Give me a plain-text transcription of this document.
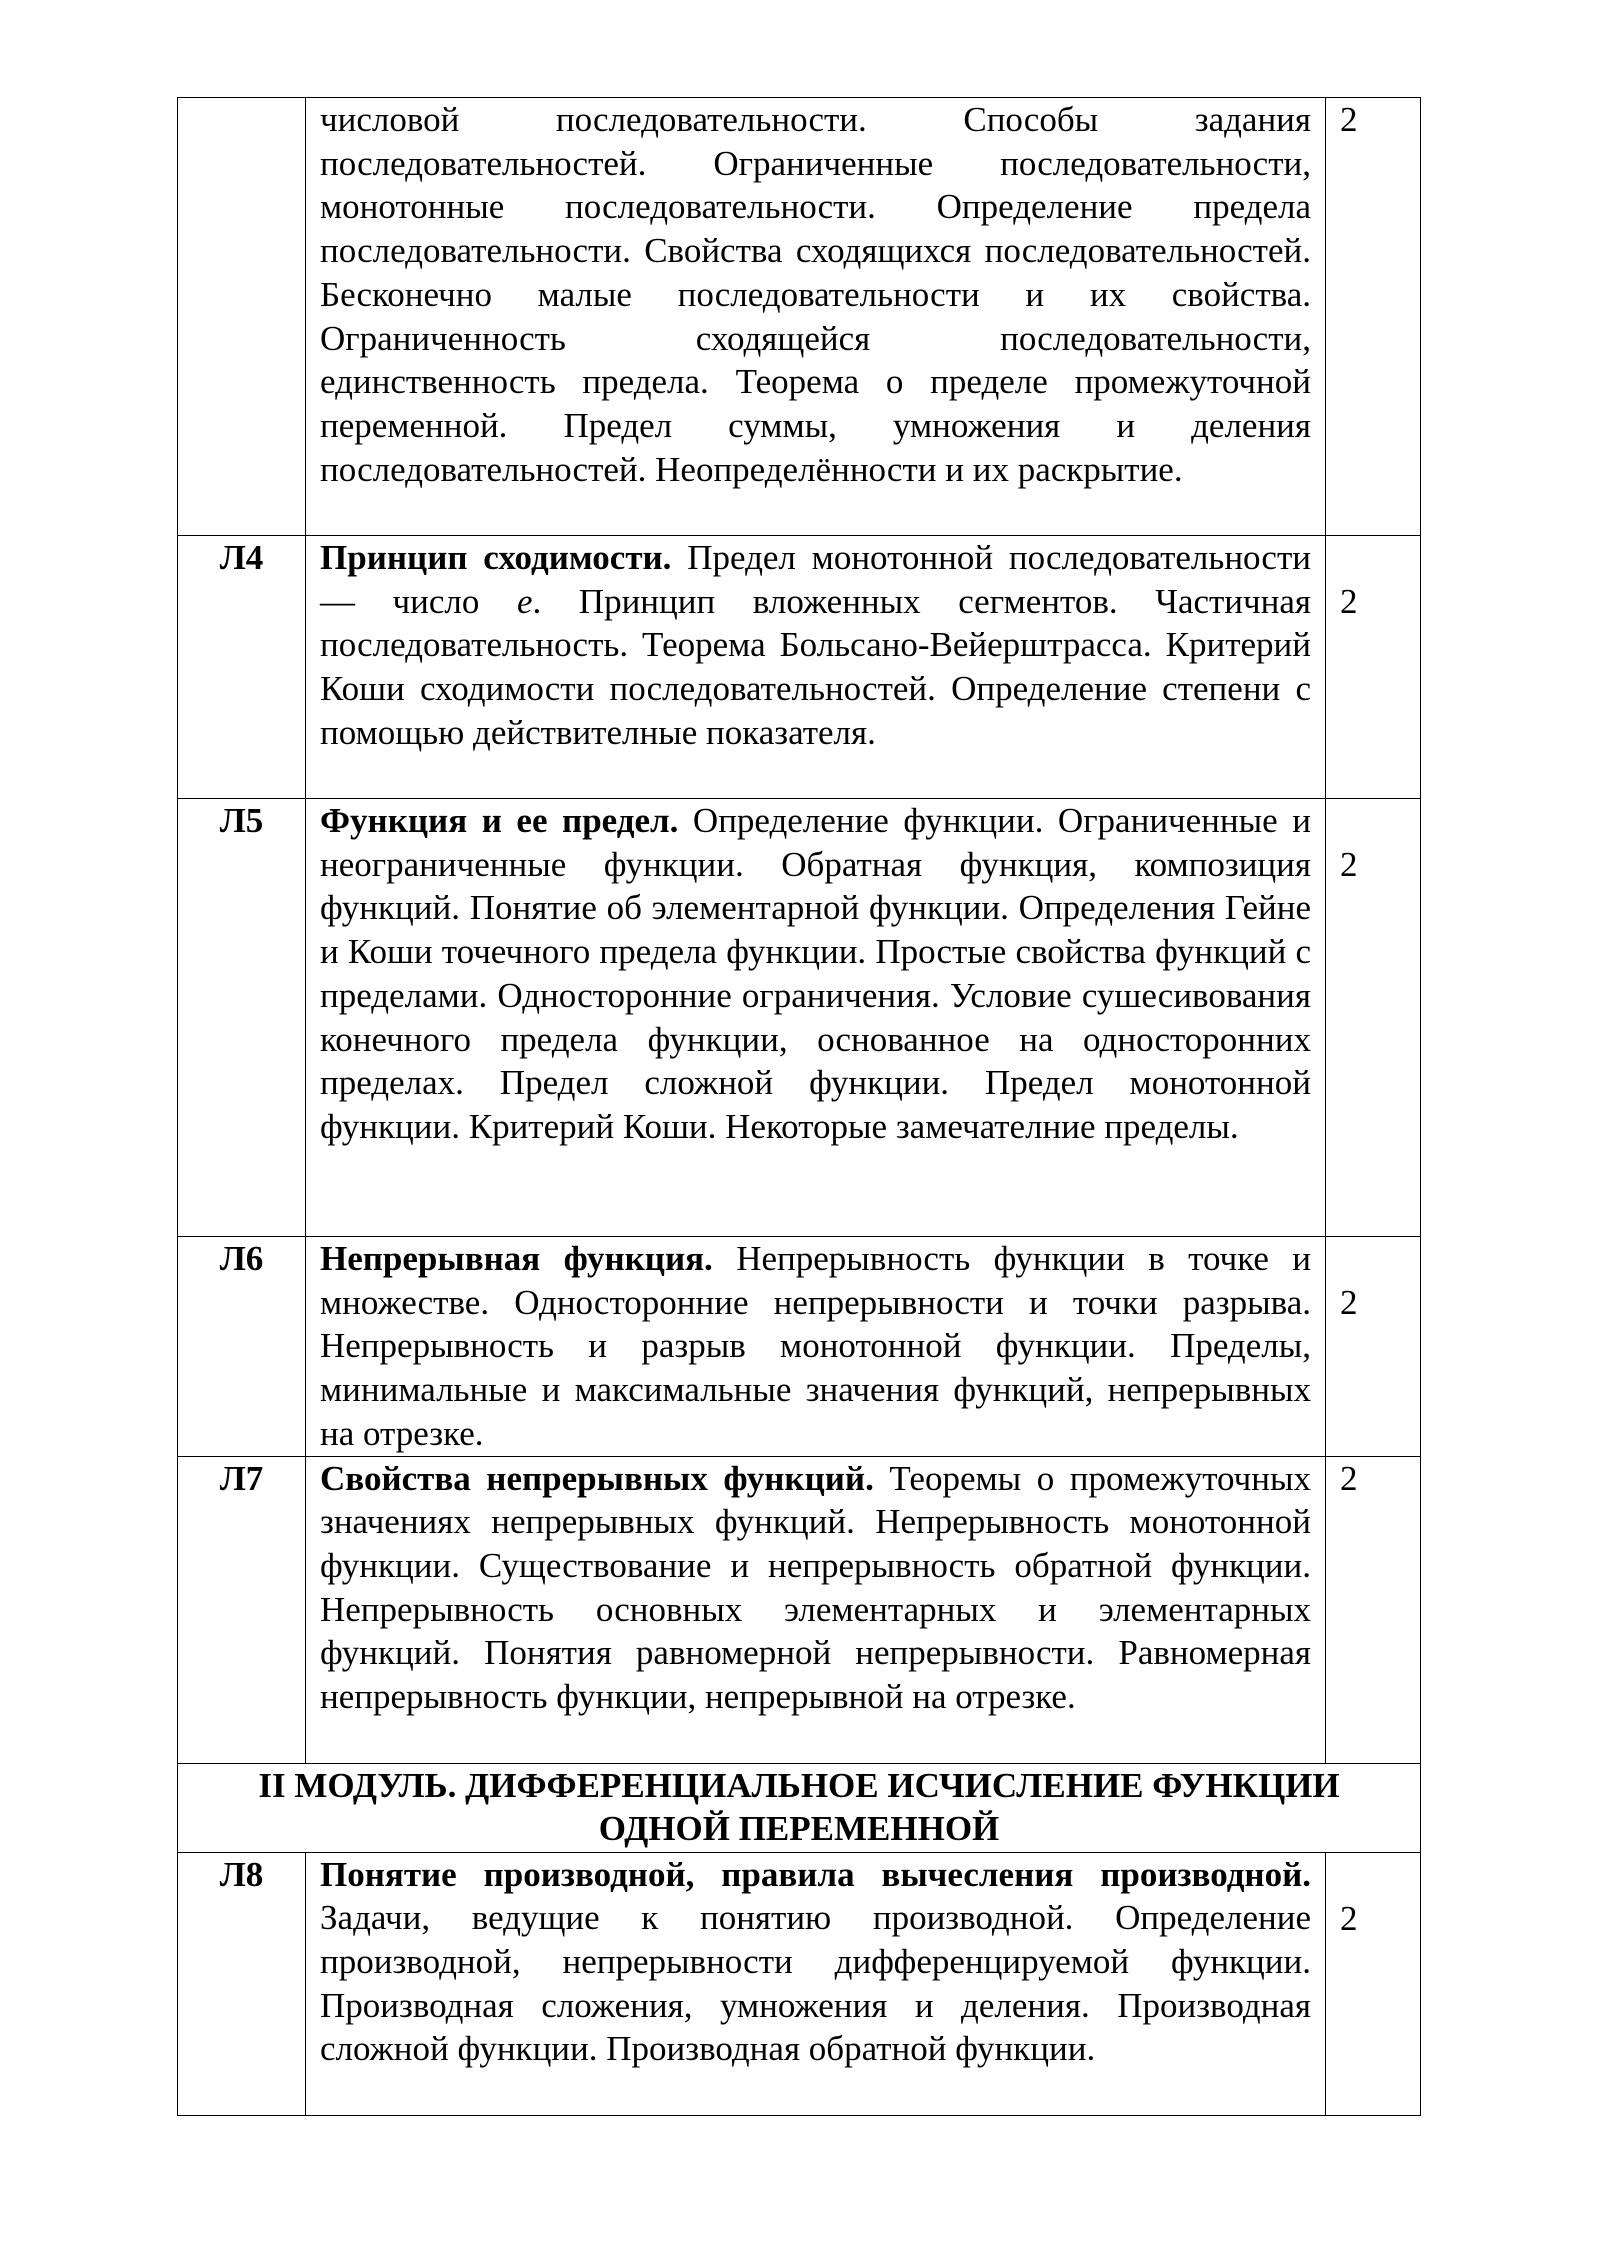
	числовой последовательности. Способы задания последовательностей. Ограниченные последовательности, монотонные последовательности. Определение предела последовательности. Свойства сходящихся последовательностей. Бесконечно малые последовательности и их свойства. Ограниченность сходящейся последовательности, единственность предела. Теорема о пределе промежуточной переменной. Предел суммы, умножения и деления последовательностей. Неопределённости и их раскрытие.	2

Л4	Принцип сходимости. Предел монотонной последовательности — число e. Принцип вложенных сегментов. Частичная последовательность. Теорема Больсано-Вейерштрасса. Критерий Коши сходимости последовательностей. Определение степени с помощью действителные показателя.	2

Л5	Функция и ее предел. Определение функции. Ограниченные и неограниченные функции. Обратная функция, композиция функций. Понятие об элементарной функции. Определения Гейне и Коши точечного предела функции. Простые свойства функций с пределами. Односторонние ограничения. Условие сушесивования конечного предела функции, основанное на односторонних пределах. Предел сложной функции. Предел монотонной функции. Критерий Коши. Некоторые замечателние пределы.	2

Л6	Непрерывная функция. Непрерывность функции в точке и множестве. Односторонние непрерывности и точки разрыва. Непрерывность и разрыв монотонной функции. Пределы, минимальные и максимальные значения функций, непрерывных на отрезке.	2

Л7	Свойства непрерывных функций. Теоремы о промежуточных значениях непрерывных функций. Непрерывность монотонной функции. Существование и непрерывность обратной функции. Непрерывность основных элементарных и элементарных функций. Понятия равномерной непрерывности. Равномерная непрерывность функции, непрерывной на отрезке.	2

II МОДУЛЬ. ДИФФЕРЕНЦИАЛЬНОЕ ИСЧИСЛЕНИЕ ФУНКЦИИ
ОДНОЙ ПЕРЕМЕННОЙ		

Л8	Понятие производной, правила вычесления производной. Задачи, ведущие к понятию производной. Определение производной, непрерывности дифференцируемой функции. Производная сложения, умножения и деления. Производная сложной функции. Производная обратной функции.	2
